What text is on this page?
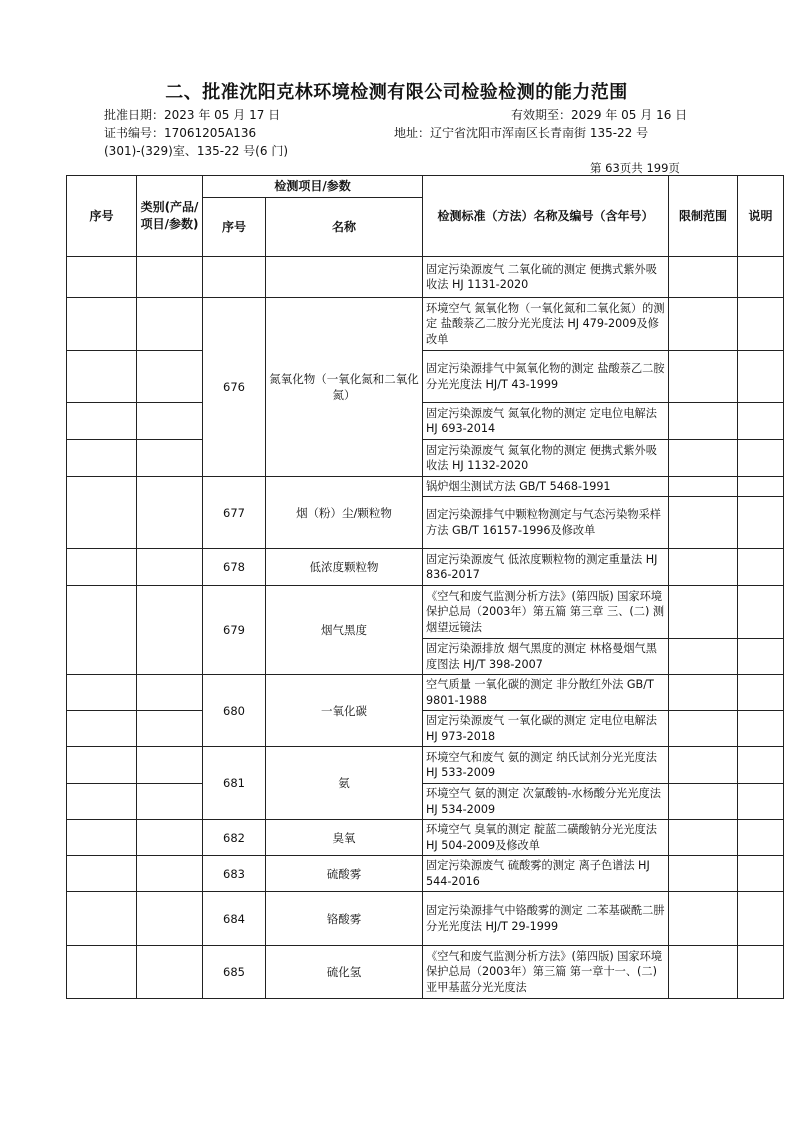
二、批准沈阳克林环境检测有限公司检验检测的能力范围
批准日期：2023 年 05 月 17 日	有效期至：2029 年 05 月 16 日
证书编号：17061205A136	地址：辽宁省沈阳市浑南区长青南街 135-22 号
(301)-(329)室、135-22 号(6 门)
第 63页共 199页
序号	类别(产品/项目/参数)	检测项目/参数		检测标准（方法）名称及编号（含年号）	限制范围	说明
		序号	名称			
				固定污染源废气 二氧化硫的测定 便携式紫外吸收法 HJ 1131-2020		
		676	氮氧化物（一氧化氮和二氧化氮）	环境空气 氮氧化物（一氧化氮和二氧化氮）的测定 盐酸萘乙二胺分光光度法 HJ 479-2009及修改单		
				固定污染源排气中氮氧化物的测定 盐酸萘乙二胺分光光度法 HJ/T 43-1999		
				固定污染源废气 氮氧化物的测定 定电位电解法 HJ 693-2014		
				固定污染源废气 氮氧化物的测定 便携式紫外吸收法 HJ 1132-2020		
		677	烟（粉）尘/颗粒物	锅炉烟尘测试方法 GB/T 5468-1991		
				固定污染源排气中颗粒物测定与气态污染物采样方法 GB/T 16157-1996及修改单		
		678	低浓度颗粒物	固定污染源废气 低浓度颗粒物的测定重量法 HJ 836-2017		
		679	烟气黑度	《空气和废气监测分析方法》(第四版) 国家环境保护总局（2003年）第五篇 第三章 三、(二) 测烟望远镜法		
				固定污染源排放 烟气黑度的测定 林格曼烟气黑度图法 HJ/T 398-2007		
		680	一氧化碳	空气质量 一氧化碳的测定 非分散红外法 GB/T 9801-1988		
				固定污染源废气 一氧化碳的测定 定电位电解法 HJ 973-2018		
		681	氨	环境空气和废气 氨的测定 纳氏试剂分光光度法 HJ 533-2009		
				环境空气 氨的测定 次氯酸钠-水杨酸分光光度法 HJ 534-2009		
		682	臭氧	环境空气 臭氧的测定 靛蓝二磺酸钠分光光度法 HJ 504-2009及修改单		
		683	硫酸雾	固定污染源废气 硫酸雾的测定 离子色谱法 HJ 544-2016		
		684	铬酸雾	固定污染源排气中铬酸雾的测定 二苯基碳酰二肼分光光度法 HJ/T 29-1999		
		685	硫化氢	《空气和废气监测分析方法》(第四版) 国家环境保护总局（2003年）第三篇 第一章十一、(二) 亚甲基蓝分光光度法		
